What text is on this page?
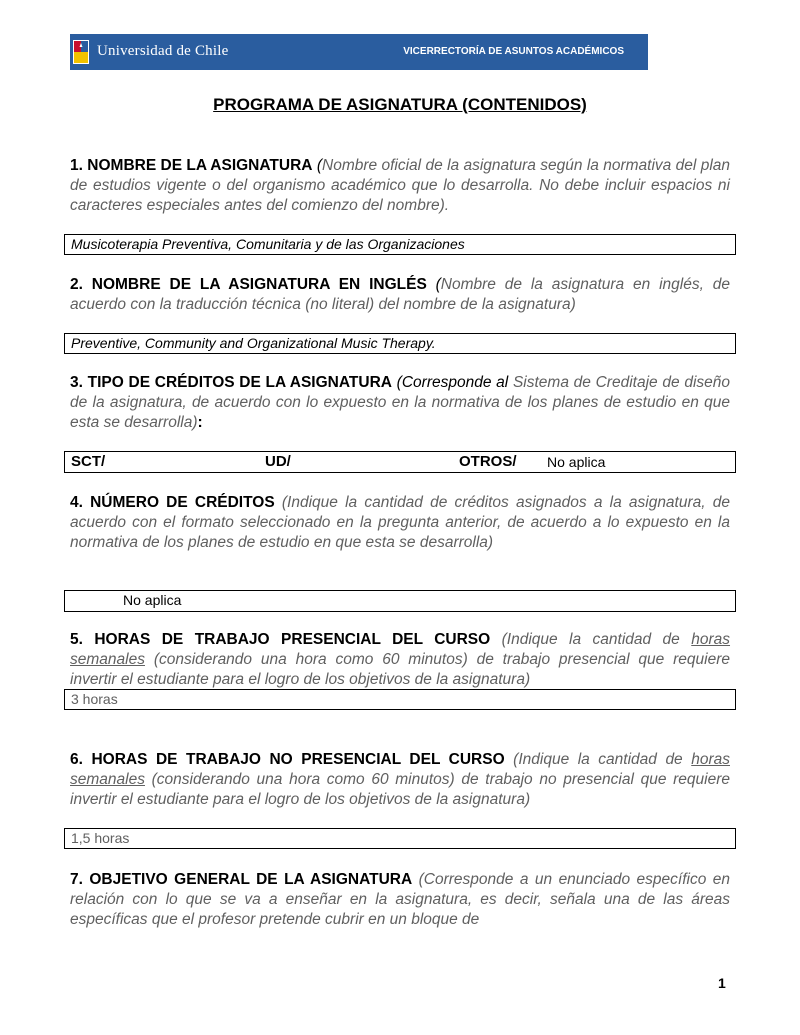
Universidad de Chile	VICERRECTORÍA DE ASUNTOS ACADÉMICOS
PROGRAMA DE ASIGNATURA (CONTENIDOS)
1. NOMBRE DE LA ASIGNATURA (Nombre oficial de la asignatura según la normativa del plan de estudios vigente o del organismo académico que lo desarrolla. No debe incluir espacios ni caracteres especiales antes del comienzo del nombre).
Musicoterapia Preventiva, Comunitaria y de las Organizaciones
2. NOMBRE DE LA ASIGNATURA EN INGLÉS (Nombre de la asignatura en inglés, de acuerdo con la traducción técnica (no literal) del nombre de la asignatura)
Preventive, Community and Organizational Music Therapy.
3. TIPO DE CRÉDITOS DE LA ASIGNATURA (Corresponde al Sistema de Creditaje de diseño de la asignatura, de acuerdo con lo expuesto en la normativa de los planes de estudio en que esta se desarrolla):
SCT/	UD/	OTROS/ No aplica
4. NÚMERO DE CRÉDITOS (Indique la cantidad de créditos asignados a la asignatura, de acuerdo con el formato seleccionado en la pregunta anterior, de acuerdo a lo expuesto en la normativa de los planes de estudio en que esta se desarrolla)
No aplica
5. HORAS DE TRABAJO PRESENCIAL DEL CURSO (Indique la cantidad de horas semanales (considerando una hora como 60 minutos) de trabajo presencial que requiere invertir el estudiante para el logro de los objetivos de la asignatura)
3 horas
6. HORAS DE TRABAJO NO PRESENCIAL DEL CURSO (Indique la cantidad de horas semanales (considerando una hora como 60 minutos) de trabajo no presencial que requiere invertir el estudiante para el logro de los objetivos de la asignatura)
1,5 horas
7. OBJETIVO GENERAL DE LA ASIGNATURA (Corresponde a un enunciado específico en relación con lo que se va a enseñar en la asignatura, es decir, señala una de las áreas específicas que el profesor pretende cubrir en un bloque de
1
